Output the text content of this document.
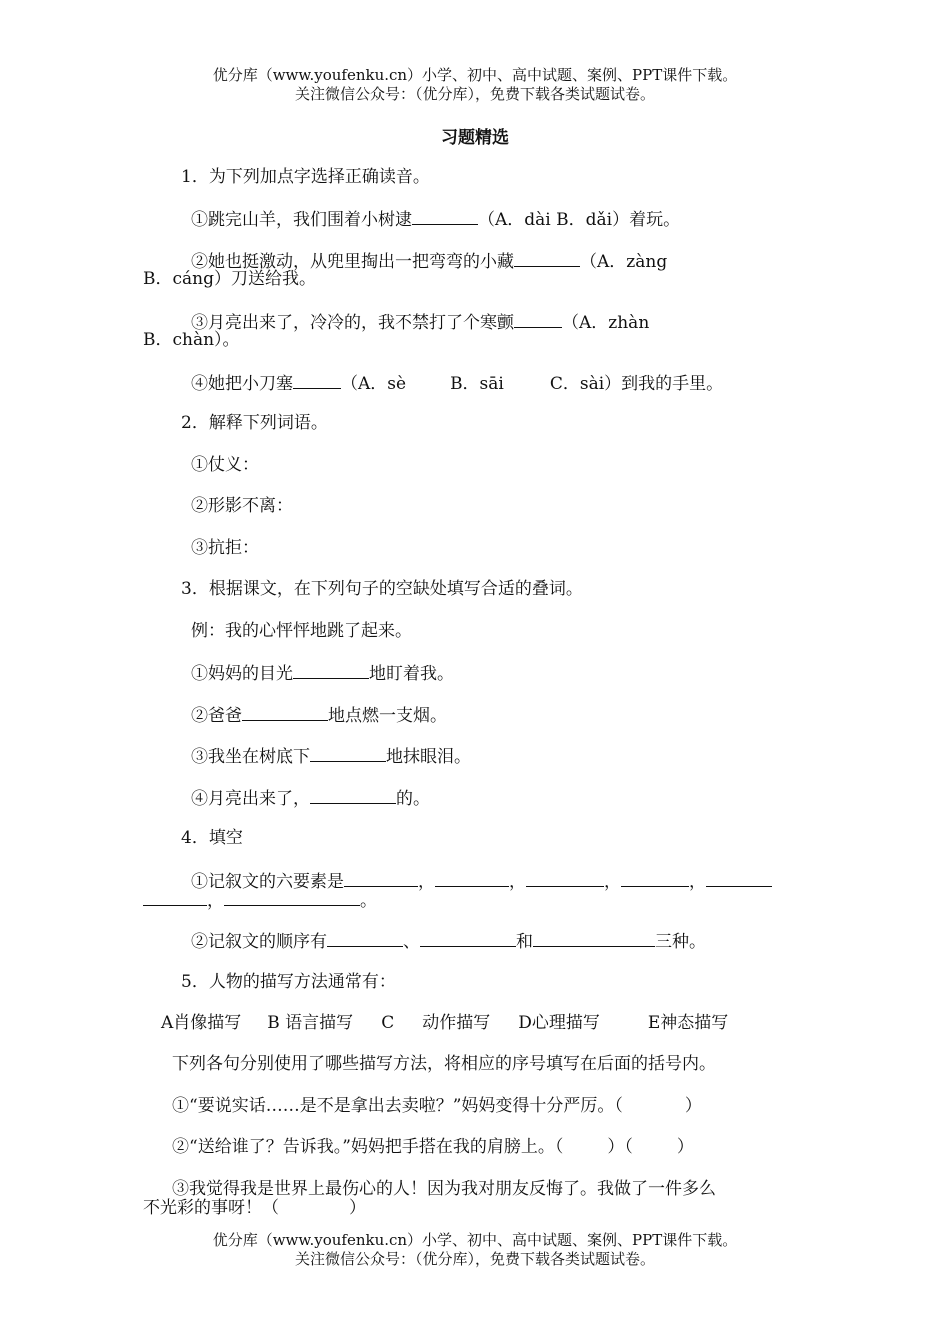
优分库（www.youfenku.cn）小学、初中、高中试题、案例、PPT课件下载。
关注微信公众号：（优分库），免费下载各类试题试卷。
习题精选
1．为下列加点字选择正确读音。
①跳完山羊，我们围着小树逮	（A．dài B．dǎi）着玩。
②她也挺激动，从兜里掏出一把弯弯的小藏	（A．zàng
B．cáng）刀送给我。
③月亮出来了，冷冷的，我不禁打了个寒颤	（A．zhàn
B．chàn）。
④她把小刀塞	（A．sè	B．sāi	C．sài）到我的手里。
2．解释下列词语。
①仗义：
②形影不离：
③抗拒：
3．根据课文，在下列句子的空缺处填写合适的叠词。
例：我的心怦怦地跳了起来。
①妈妈的目光	地盯着我。
②爸爸	地点燃一支烟。
③我坐在树底下	地抹眼泪。
④月亮出来了，	的。
4．填空
①记叙文的六要素是	，	，	，	，
，	。
②记叙文的顺序有	、	和	三种。
5．人物的描写方法通常有：
A肖像描写 B 语言描写 C 动作描写 D心理描写	E神态描写
下列各句分别使用了哪些描写方法，将相应的序号填写在后面的括号内。
①“要说实话……是不是拿出去卖啦？”妈妈变得十分严厉。（	）
②“送给谁了？告诉我。”妈妈把手搭在我的肩膀上。（	）（	）
③我觉得我是世界上最伤心的人！因为我对朋友反悔了。我做了一件多么
不光彩的事呀！（	）
优分库（www.youfenku.cn）小学、初中、高中试题、案例、PPT课件下载。
关注微信公众号：（优分库），免费下载各类试题试卷。
